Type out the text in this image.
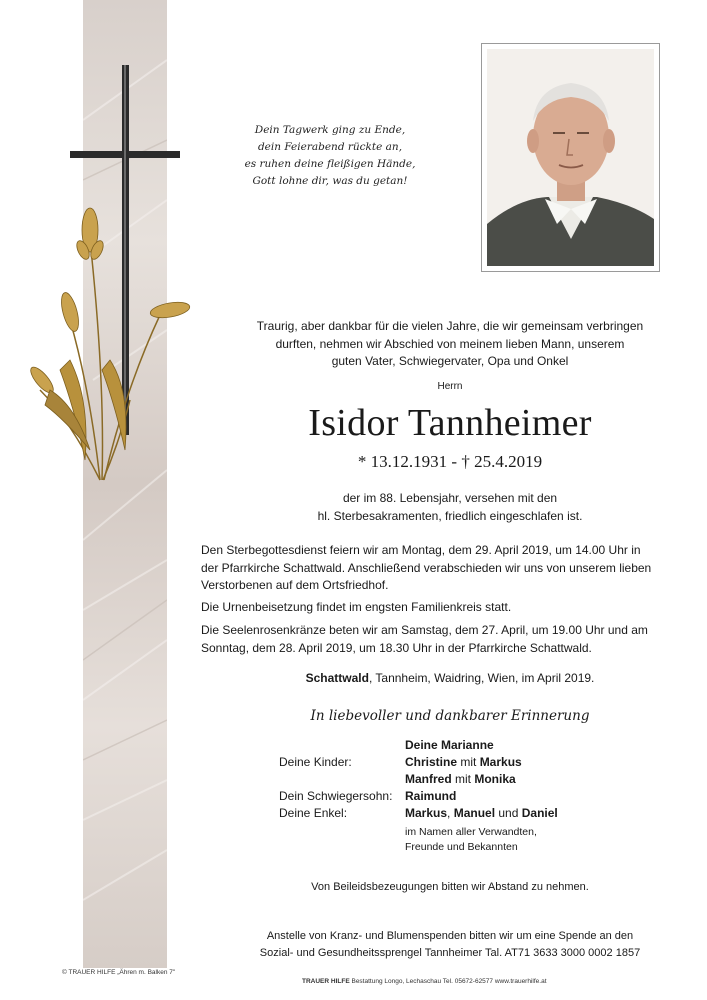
Dein Tagwerk ging zu Ende,
dein Feierabend rückte an,
es ruhen deine fleißigen Hände,
Gott lohne dir, was du getan!
Traurig, aber dankbar für die vielen Jahre, die wir gemeinsam verbringen
durften, nehmen wir Abschied von meinem lieben Mann, unserem
guten Vater, Schwiegervater, Opa und Onkel
Herrn
Isidor Tannheimer
* 13.12.1931 - † 25.4.2019
der im 88. Lebensjahr, versehen mit den
hl. Sterbesakramenten, friedlich eingeschlafen ist.
Den Sterbegottesdienst feiern wir am Montag, dem 29. April 2019, um 14.00 Uhr in
der Pfarrkirche Schattwald. Anschließend verabschieden wir uns von unserem lieben
Verstorbenen auf dem Ortsfriedhof.
Die Urnenbeisetzung findet im engsten Familienkreis statt.
Die Seelenrosenkränze beten wir am Samstag, dem 27. April, um 19.00 Uhr und am
Sonntag, dem 28. April 2019, um 18.30 Uhr in der Pfarrkirche Schattwald.
Schattwald, Tannheim, Waidring, Wien, im April 2019.
In liebevoller und dankbarer Erinnerung
Deine Marianne
Deine Kinder:	Christine mit Markus
Manfred mit Monika
Dein Schwiegersohn: Raimund
Deine Enkel:	Markus, Manuel und Daniel
im Namen aller Verwandten,
Freunde und Bekannten
Von Beileidsbezeugungen bitten wir Abstand zu nehmen.
Anstelle von Kranz- und Blumenspenden bitten wir um eine Spende an den
Sozial- und Gesundheitssprengel Tannheimer Tal. AT71 3633 3000 0002 1857
© TRAUER HILFE „Ähren m. Balken 7"
TRAUER HILFE Bestattung Longo, Lechaschau Tel. 05672-62577 www.trauerhilfe.at
